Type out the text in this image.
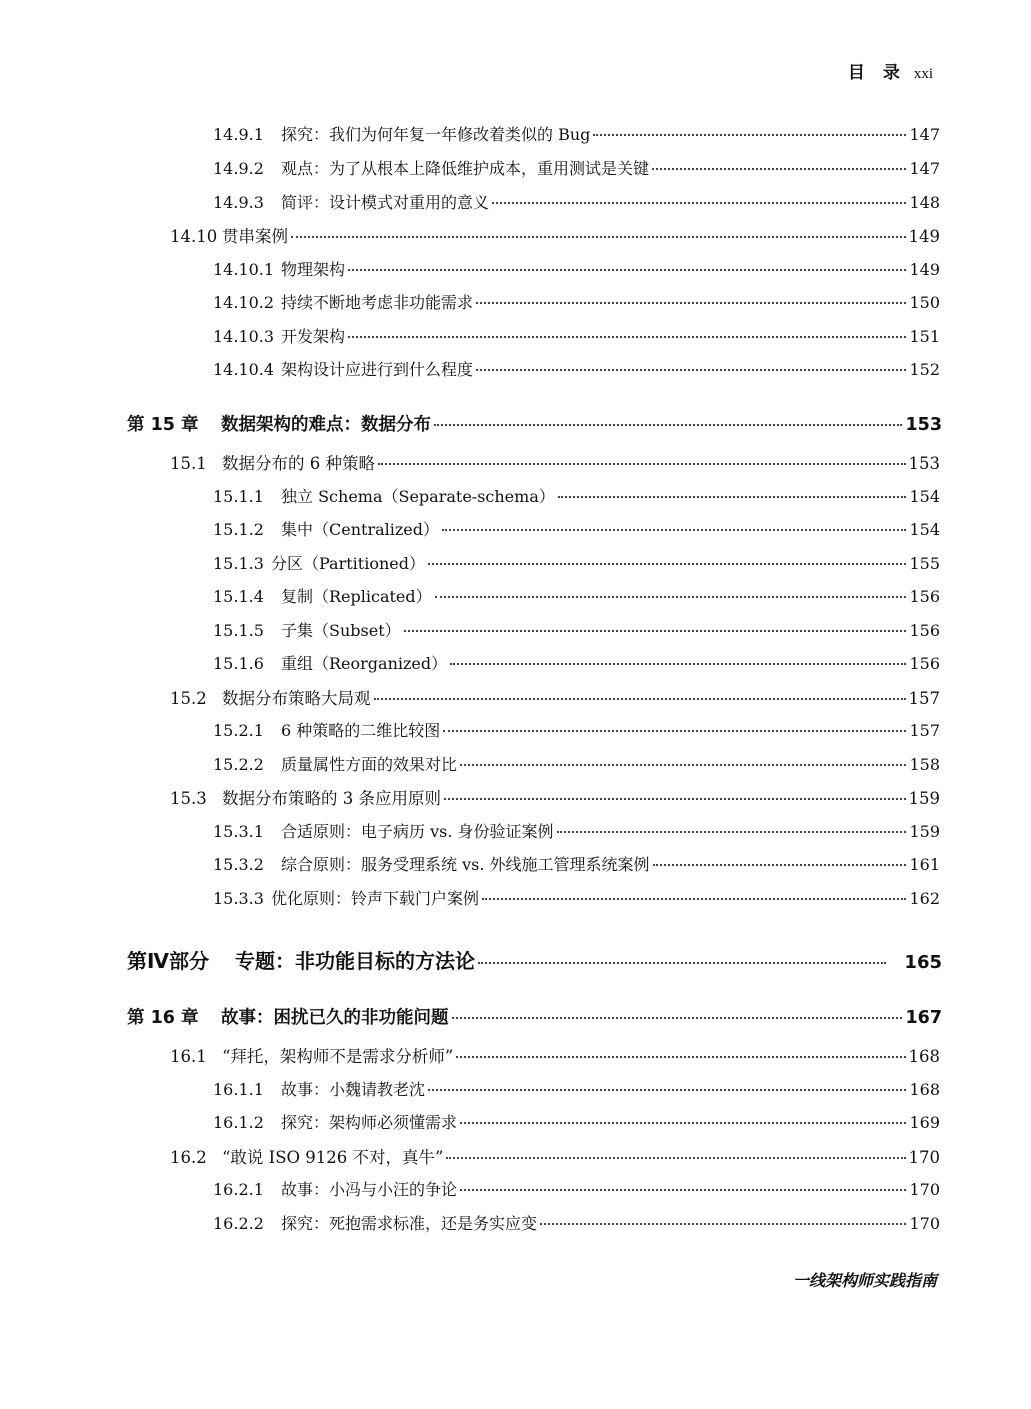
目 录 xxi
14.9.1	探究：我们为何年复一年修改着类似的 Bug	147
14.9.2	观点：为了从根本上降低维护成本，重用测试是关键	147
14.9.3	简评：设计模式对重用的意义	148
14.10 贯串案例	149
14.10.1 物理架构	149
14.10.2 持续不断地考虑非功能需求	150
14.10.3 开发架构	151
14.10.4 架构设计应进行到什么程度	152
第 15 章	数据架构的难点：数据分布	153
15.1 数据分布的 6 种策略	153
15.1.1	独立 Schema（Separate-schema）	154
15.1.2	集中（Centralized）	154
15.1.3 分区（Partitioned）	155
15.1.4	复制（Replicated）	156
15.1.5	子集（Subset）	156
15.1.6	重组（Reorganized）	156
15.2 数据分布策略大局观	157
15.2.1	6 种策略的二维比较图	157
15.2.2	质量属性方面的效果对比	158
15.3 数据分布策略的 3 条应用原则	159
15.3.1	合适原则：电子病历 vs. 身份验证案例	159
15.3.2	综合原则：服务受理系统 vs. 外线施工管理系统案例	161
15.3.3 优化原则：铃声下载门户案例	162
第Ⅳ部分	专题：非功能目标的方法论	165
第 16 章	故事：困扰已久的非功能问题	167
16.1 “拜托，架构师不是需求分析师”	168
16.1.1	故事：小魏请教老沈	168
16.1.2	探究：架构师必须懂需求	169
16.2 “敢说 ISO 9126 不对，真牛”	170
16.2.1	故事：小冯与小汪的争论	170
16.2.2	探究：死抱需求标准，还是务实应变	170
一线架构师实践指南
